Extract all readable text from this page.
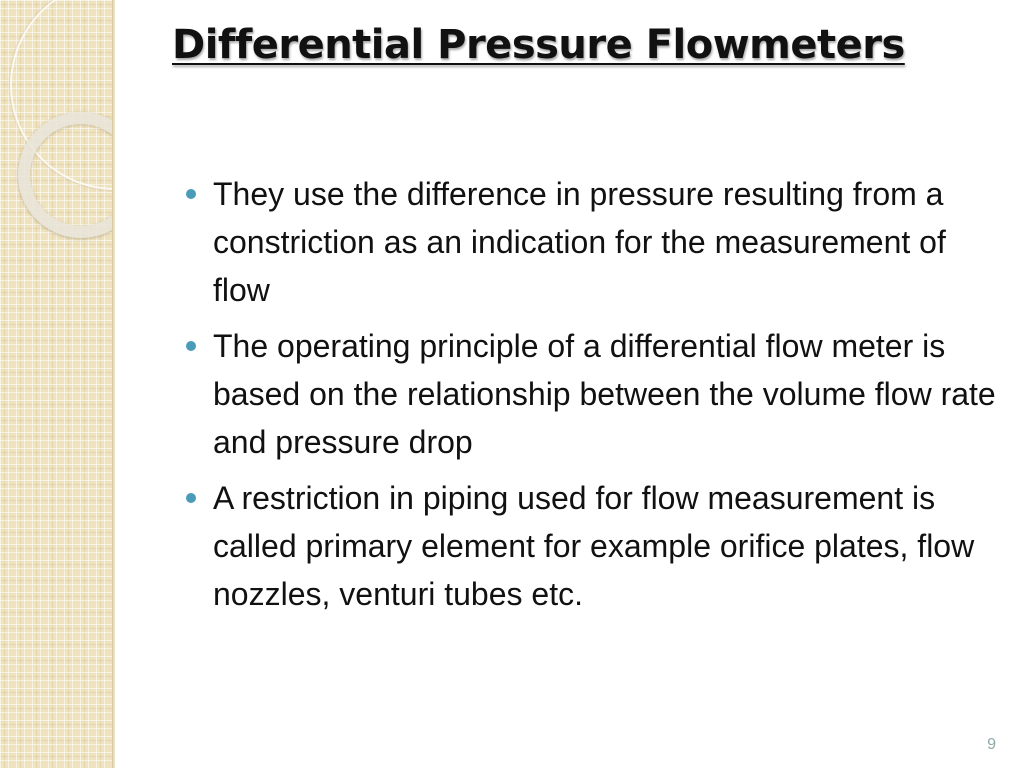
Differential Pressure Flowmeters
They use the difference in pressure resulting from a constriction as an indication for the measurement of flow
The operating principle of a differential flow meter is based on the relationship between the volume flow rate and pressure drop
A restriction in piping used for flow measurement is called primary element for example orifice plates, flow nozzles, venturi tubes etc.
9
